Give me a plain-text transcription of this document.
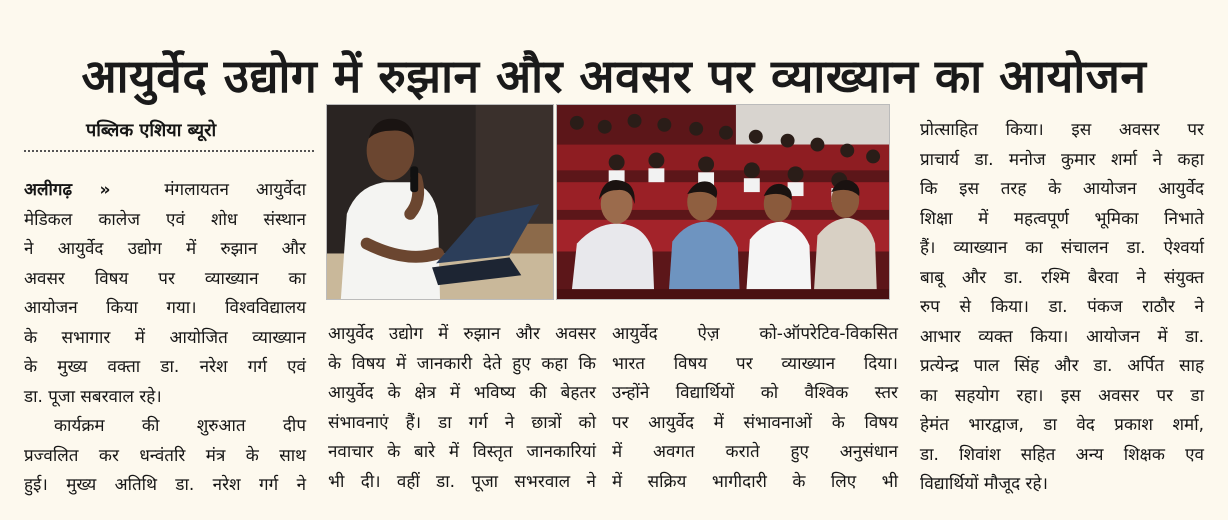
आयुर्वेद उद्योग में रुझान और अवसर पर व्याख्यान का आयोजन
पब्लिक एशिया ब्यूरो

अलीगढ़ »	मंगलायतन आयुर्वेदा

मेडिकल कालेज एवं शोध संस्थान

ने आयुर्वेद उद्योग में रुझान और

अवसर विषय पर व्याख्यान का

आयोजन किया गया। विश्वविद्यालय

के सभागार में आयोजित व्याख्यान

के मुख्य वक्ता डा. नरेश गर्ग एवं

डा. पूजा सबरवाल रहे।

कार्यक्रम की शुरुआत दीप

प्रज्वलित कर धन्वंतरि मंत्र के साथ

हुई। मुख्य अतिथि डा. नरेश गर्ग ने

आयुर्वेद उद्योग में रुझान और अवसर

के विषय में जानकारी देते हुए कहा कि

आयुर्वेद के क्षेत्र में भविष्य की बेहतर

संभावनाएं हैं। डा गर्ग ने छात्रों को

नवाचार के बारे में विस्तृत जानकारियां

भी दी। वहीं डा. पूजा सभरवाल ने

आयुर्वेद ऐज़ को-ऑपरेटिव-विकसित

भारत विषय पर व्याख्यान दिया।

उन्होंने विद्यार्थियों को वैश्विक स्तर

पर आयुर्वेद में संभावनाओं के विषय

में अवगत कराते हुए अनुसंधान

में सक्रिय भागीदारी के लिए भी

प्रोत्साहित किया। इस अवसर पर

प्राचार्य डा. मनोज कुमार शर्मा ने कहा

कि इस तरह के आयोजन आयुर्वेद

शिक्षा में महत्वपूर्ण भूमिका निभाते

हैं। व्याख्यान का संचालन डा. ऐश्वर्या

बाबू और डा. रश्मि बैरवा ने संयुक्त

रुप से किया। डा. पंकज राठौर ने

आभार व्यक्त किया। आयोजन में डा.

प्रत्येन्द्र पाल सिंह और डा. अर्पित साह

का सहयोग रहा। इस अवसर पर डा

हेमंत भारद्वाज, डा वेद प्रकाश शर्मा,

डा. शिवांश सहित अन्य शिक्षक एव

विद्यार्थियों मौजूद रहे।
